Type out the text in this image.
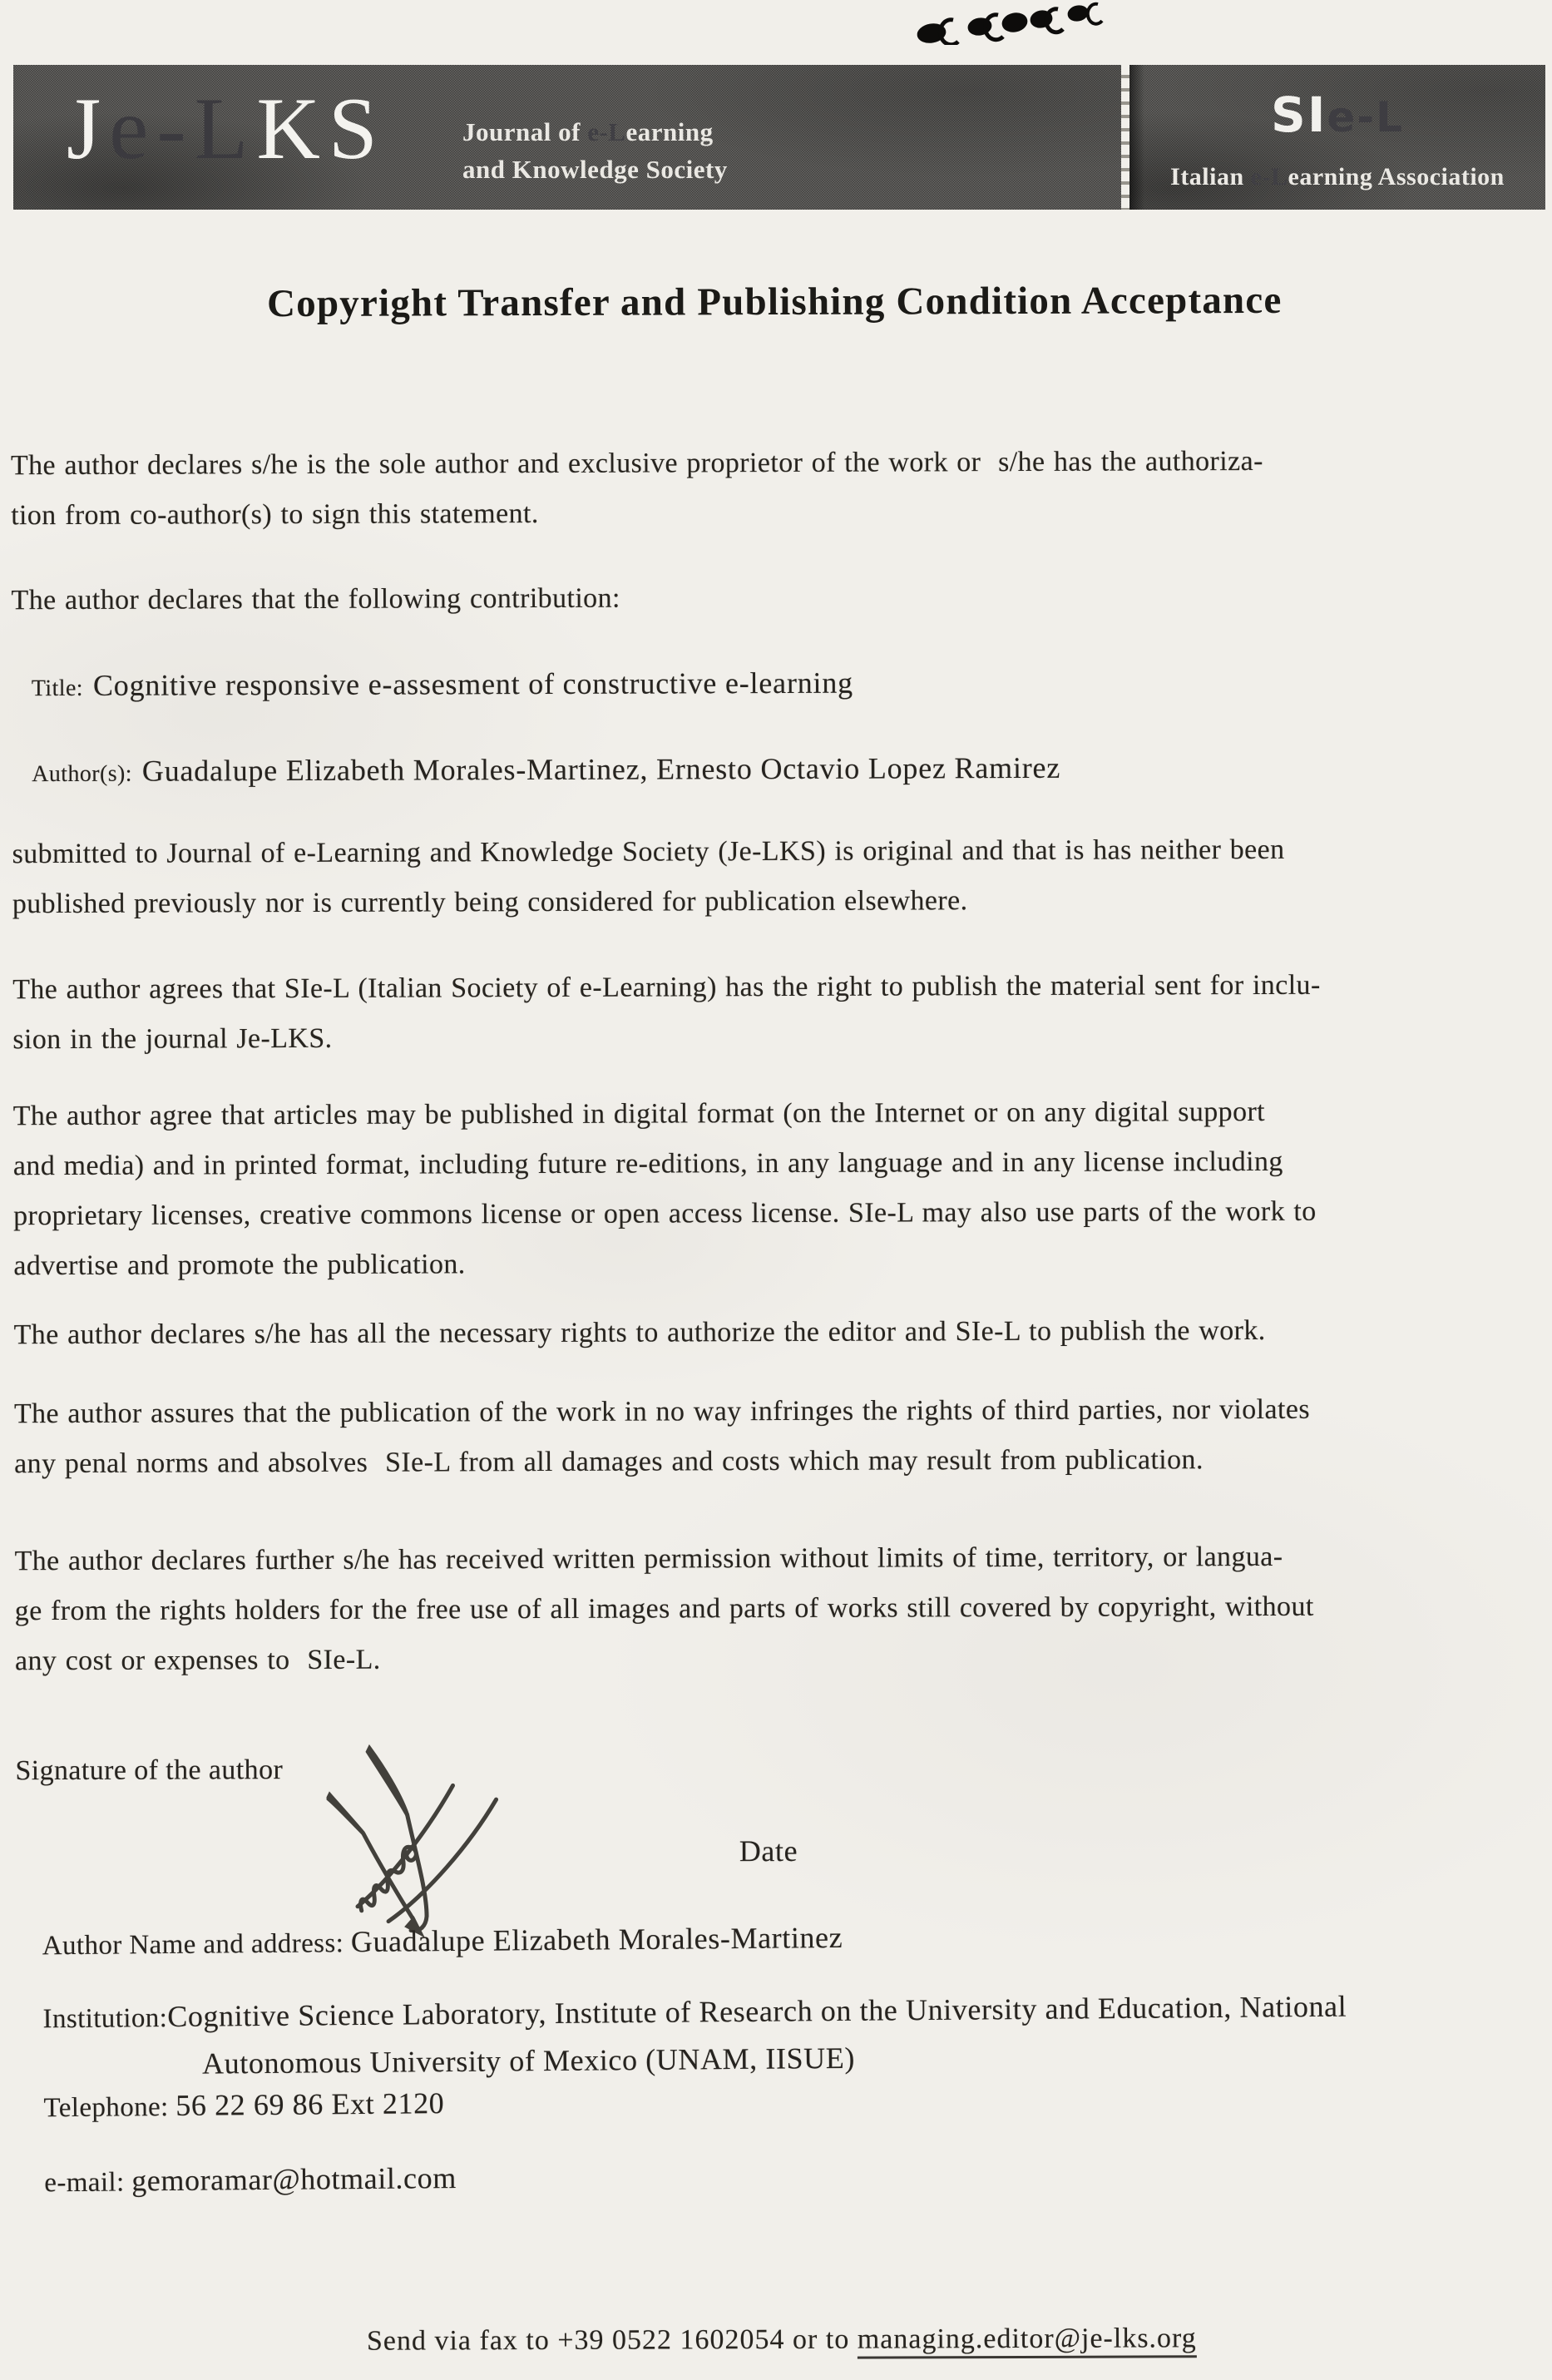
Je-LKS	Journal of e-Learning
and Knowledge Society
SIe-L
Italian e-Learning Association
Copyright Transfer and Publishing Condition Acceptance
The author declares s/he is the sole author and exclusive proprietor of the work or  s/he has the authoriza-
tion from co-author(s) to sign this statement.
The author declares that the following contribution:

Title: Cognitive responsive e-assesment of constructive e-learning

Author(s): Guadalupe Elizabeth Morales-Martinez, Ernesto Octavio Lopez Ramirez

submitted to Journal of e-Learning and Knowledge Society (Je-LKS) is original and that is has neither been
published previously nor is currently being considered for publication elsewhere.
The author agrees that SIe-L (Italian Society of e-Learning) has the right to publish the material sent for inclu-
sion in the journal Je-LKS.
The author agree that articles may be published in digital format (on the Internet or on any digital support
and media) and in printed format, including future re-editions, in any language and in any license including
proprietary licenses, creative commons license or open access license. SIe-L may also use parts of the work to
advertise and promote the publication.
The author declares s/he has all the necessary rights to authorize the editor and SIe-L to publish the work.
The author assures that the publication of the work in no way infringes the rights of third parties, nor violates
any penal norms and absolves  SIe-L from all damages and costs which may result from publication.
The author declares further s/he has received written permission without limits of time, territory, or langua-
ge from the rights holders for the free use of all images and parts of works still covered by copyright, without
any cost or expenses to  SIe-L.
Signature of the author
Date

Author Name and address: Guadalupe Elizabeth Morales-Martinez

Institution:Cognitive Science Laboratory, Institute of Research on the University and Education, National

Autonomous University of Mexico (UNAM, IISUE)

Telephone: 56 22 69 86 Ext 2120

e-mail: gemoramar@hotmail.com

Send via fax to +39 0522 1602054 or to managing.editor@je-lks.org
